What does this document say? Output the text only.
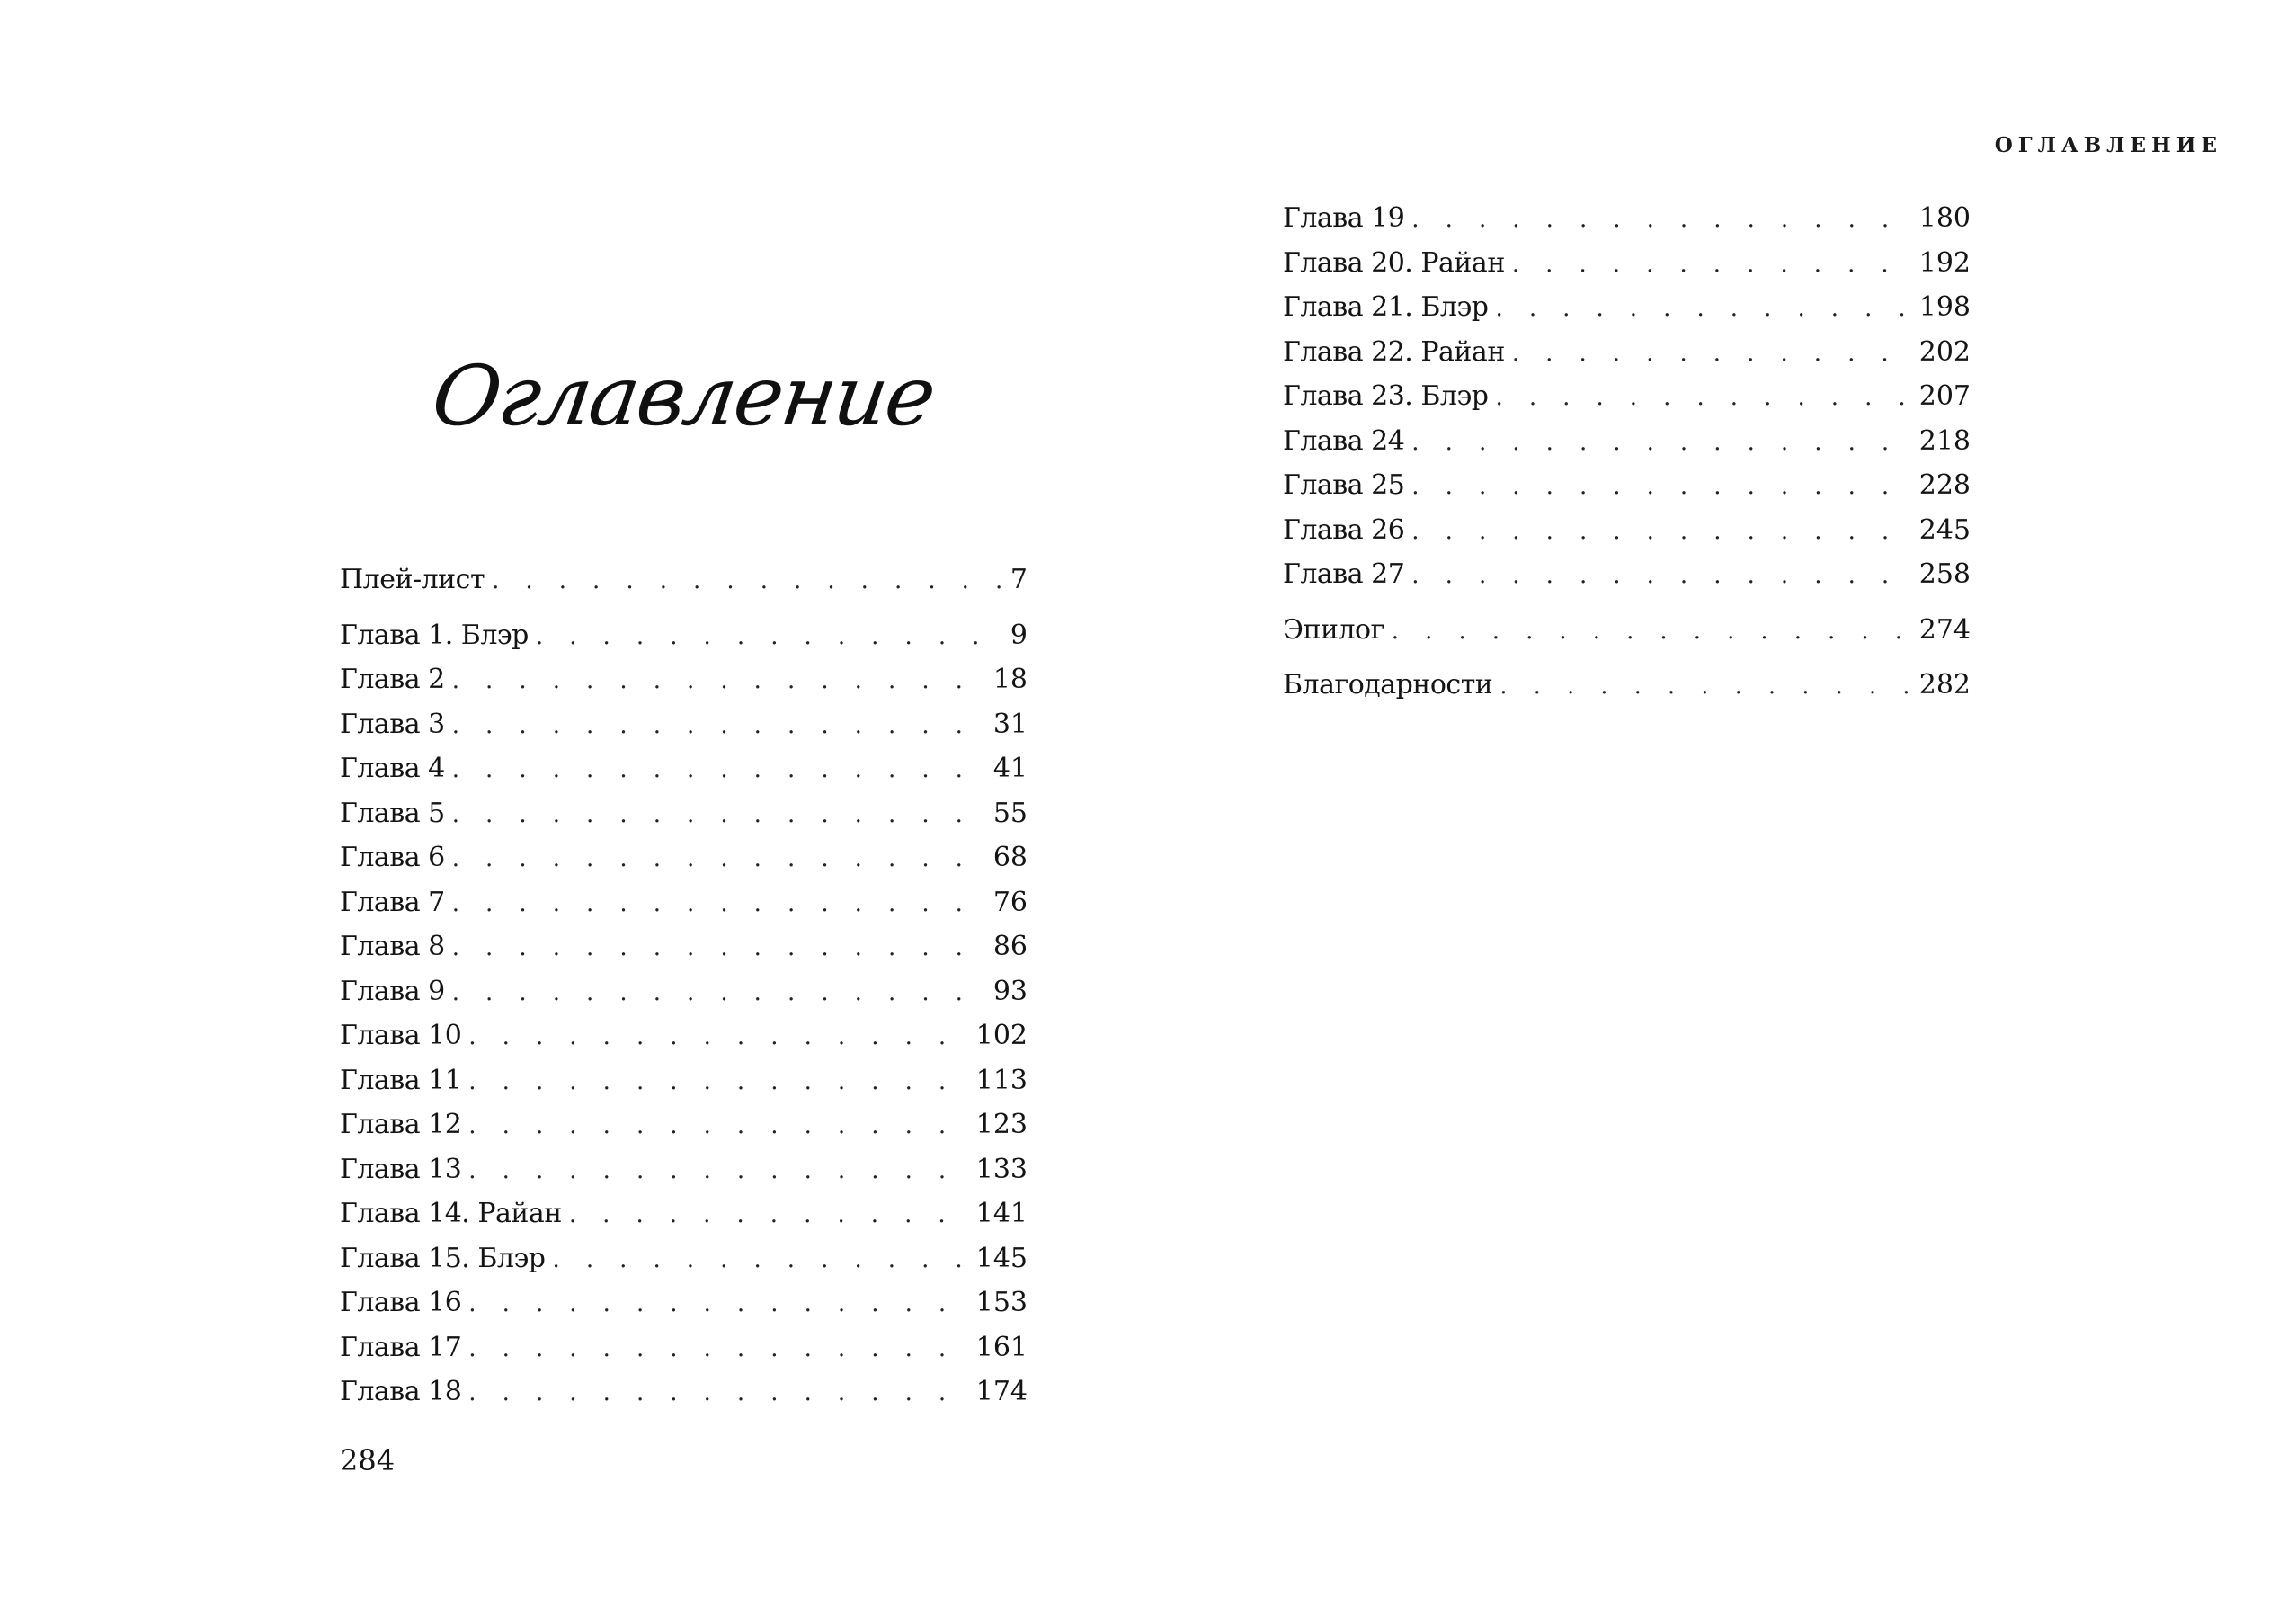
Оглавление
Плей-лист . . .	7
Глава 1. Блэр . . .	9
Глава 2 . . .	18
Глава 3 . . .	31
Глава 4 . . .	41
Глава 5 . . .	55
Глава 6 . . .	68
Глава 7 . . .	76
Глава 8 . . .	86
Глава 9 . . .	93
Глава 10 . . .	102
Глава 11 . . .	113
Глава 12 . . .	123
Глава 13 . . .	133
Глава 14. Райан . . .	141
Глава 15. Блэр . . .	145
Глава 16 . . .	153
Глава 17 . . .	161
Глава 18 . . .	174
284
ОГЛАВЛЕНИЕ
Глава 19 . . .	180
Глава 20. Райан . . .	192
Глава 21. Блэр . . .	198
Глава 22. Райан . . .	202
Глава 23. Блэр . . .	207
Глава 24 . . .	218
Глава 25 . . .	228
Глава 26 . . .	245
Глава 27 . . .	258
Эпилог . . .	274
Благодарности . . .	282
